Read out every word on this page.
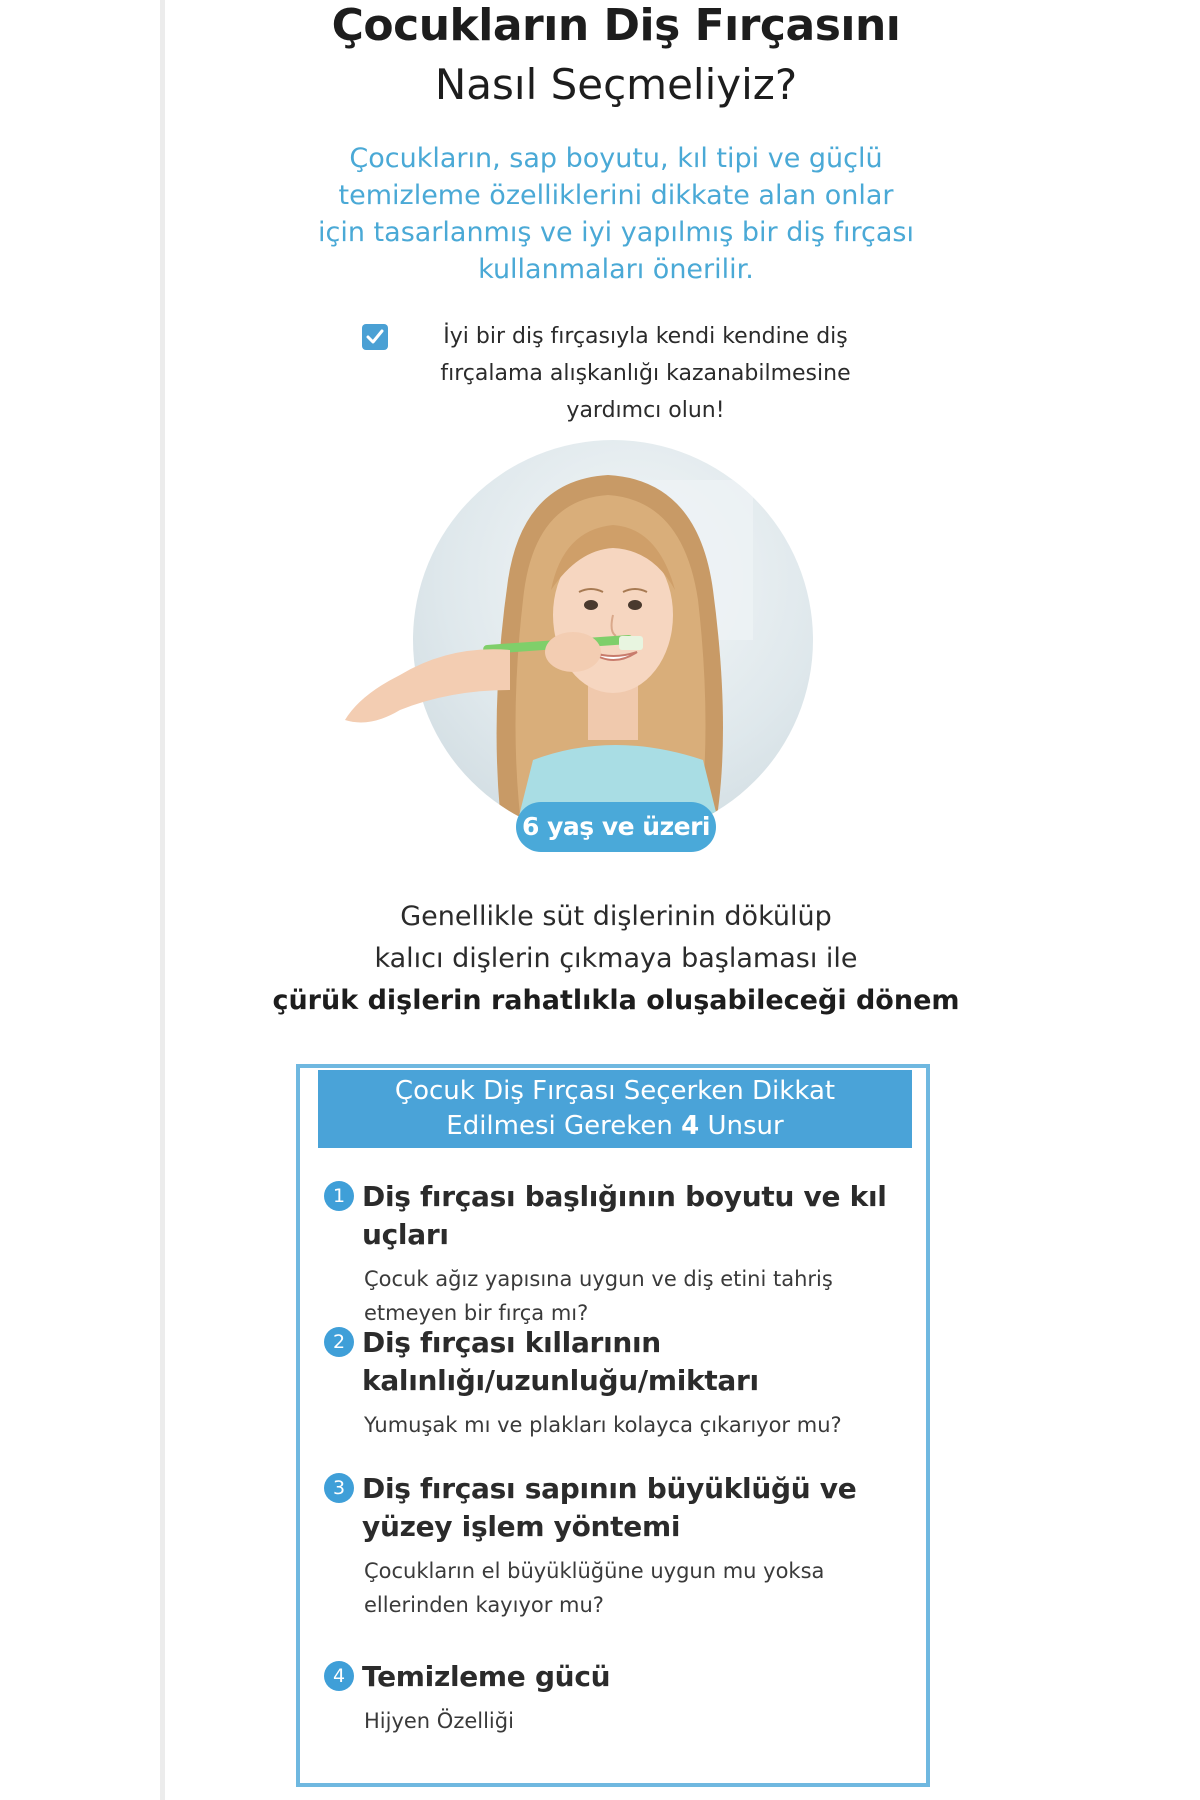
Çocukların Diş Fırçasını
Nasıl Seçmeliyiz?
Çocukların, sap boyutu, kıl tipi ve güçlü temizleme özelliklerini dikkate alan onlar için tasarlanmış ve iyi yapılmış bir diş fırçası kullanmaları önerilir.
İyi bir diş fırçasıyla kendi kendine diş fırçalama alışkanlığı kazanabilmesine yardımcı olun!
6 yaş ve üzeri
Genellikle süt dişlerinin dökülüp
kalıcı dişlerin çıkmaya başlaması ile
çürük dişlerin rahatlıkla oluşabileceği dönem
Çocuk Diş Fırçası Seçerken Dikkat
Edilmesi Gereken 4 Unsur
1 Diş fırçası başlığının boyutu ve kıl uçları
Çocuk ağız yapısına uygun ve diş etini tahriş etmeyen bir fırça mı?
2 Diş fırçası kıllarının kalınlığı/uzunluğu/miktarı
Yumuşak mı ve plakları kolayca çıkarıyor mu?
3 Diş fırçası sapının büyüklüğü ve yüzey işlem yöntemi
Çocukların el büyüklüğüne uygun mu yoksa ellerinden kayıyor mu?
4 Temizleme gücü
Hijyen Özelliği
